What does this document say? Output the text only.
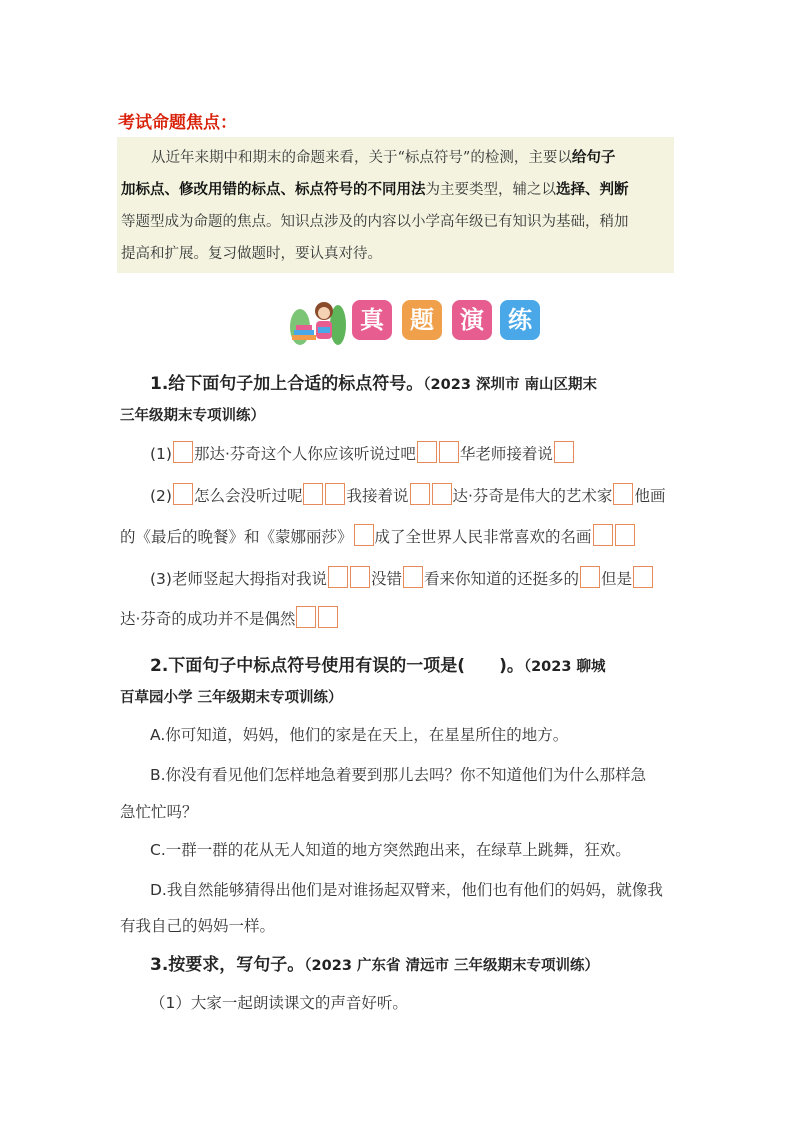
考试命题焦点：
从近年来期中和期末的命题来看，关于“标点符号”的检测，主要以给句子
加标点、修改用错的标点、标点符号的不同用法为主要类型，辅之以选择、判断
等题型成为命题的焦点。知识点涉及的内容以小学高年级已有知识为基础，稍加
提高和扩展。复习做题时，要认真对待。
真	题	演	练
1.给下面句子加上合适的标点符号。（2023 深圳市 南山区期末
三年级期末专项训练）
(1) 那达·芬奇这个人你应该听说过吧	华老师接着说
(2) 怎么会没听过呢	我接着说	达·芬奇是伟大的艺术家 他画
的《最后的晚餐》和《蒙娜丽莎》 成了全世界人民非常喜欢的名画
(3)老师竖起大拇指对我说	没错 看来你知道的还挺多的 但是
达·芬奇的成功并不是偶然
2.下面句子中标点符号使用有误的一项是( )。（2023 聊城
百草园小学 三年级期末专项训练）
A.你可知道，妈妈，他们的家是在天上，在星星所住的地方。
B.你没有看见他们怎样地急着要到那儿去吗？你不知道他们为什么那样急
急忙忙吗？
C.一群一群的花从无人知道的地方突然跑出来，在绿草上跳舞，狂欢。
D.我自然能够猜得出他们是对谁扬起双臂来，他们也有他们的妈妈，就像我
有我自己的妈妈一样。
3.按要求，写句子。（2023 广东省 清远市 三年级期末专项训练）
（1）大家一起朗读课文的声音好听。
